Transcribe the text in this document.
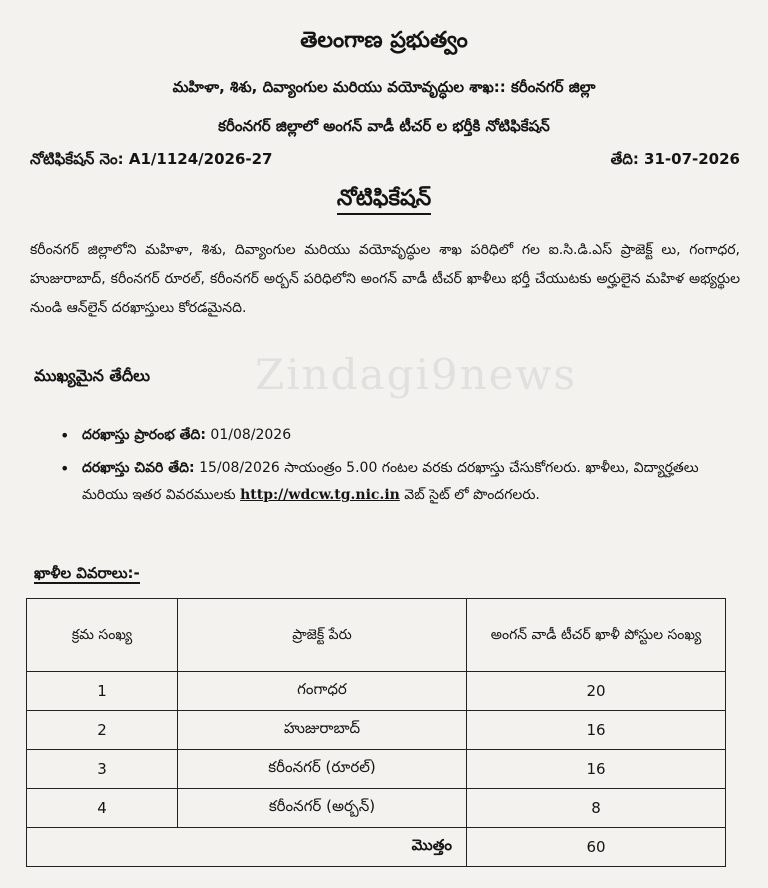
Zindagi9news
తెలంగాణ ప్రభుత్వం
మహిళా, శిశు, దివ్యాంగుల మరియు వయోవృద్ధుల శాఖ:: కరీంనగర్ జిల్లా
కరీంనగర్ జిల్లాలో అంగన్ వాడీ టీచర్ ల భర్తీకి నోటిఫికేషన్
నోటిఫికేషన్ నెం: A1/1124/2026-27	తేది: 31-07-2026
నోటిఫికేషన్
కరీంనగర్ జిల్లాలోని మహిళా, శిశు, దివ్యాంగుల మరియు వయోవృద్ధుల శాఖ పరిధిలో గల ఐ.సి.డి.ఎస్ ప్రాజెక్ట్ లు, గంగాధర, హుజురాబాద్, కరీంనగర్ రూరల్, కరీంనగర్ అర్బన్ పరిధిలోని అంగన్ వాడీ టీచర్ ఖాళీలు భర్తీ చేయుటకు అర్హులైన మహిళ అభ్యర్థుల నుండి ఆన్‌లైన్ దరఖాస్తులు కోరడమైనది.
ముఖ్యమైన తేదీలు
• దరఖాస్తు ప్రారంభ తేది: 01/08/2026
• దరఖాస్తు చివరి తేది: 15/08/2026 సాయంత్రం 5.00 గంటల వరకు దరఖాస్తు చేసుకోగలరు. ఖాళీలు, విద్యార్హతలు మరియు ఇతర వివరములకు http://wdcw.tg.nic.in వెబ్ సైట్ లో పొందగలరు.
ఖాళీల వివరాలు:-
క్రమ సంఖ్య	ప్రాజెక్ట్ పేరు	అంగన్ వాడీ టీచర్ ఖాళీ పోస్టుల సంఖ్య
1	గంగాధర	20
2	హుజురాబాద్	16
3	కరీంనగర్ (రూరల్)	16
4	కరీంనగర్ (అర్బన్)	8
మొత్తం		60
